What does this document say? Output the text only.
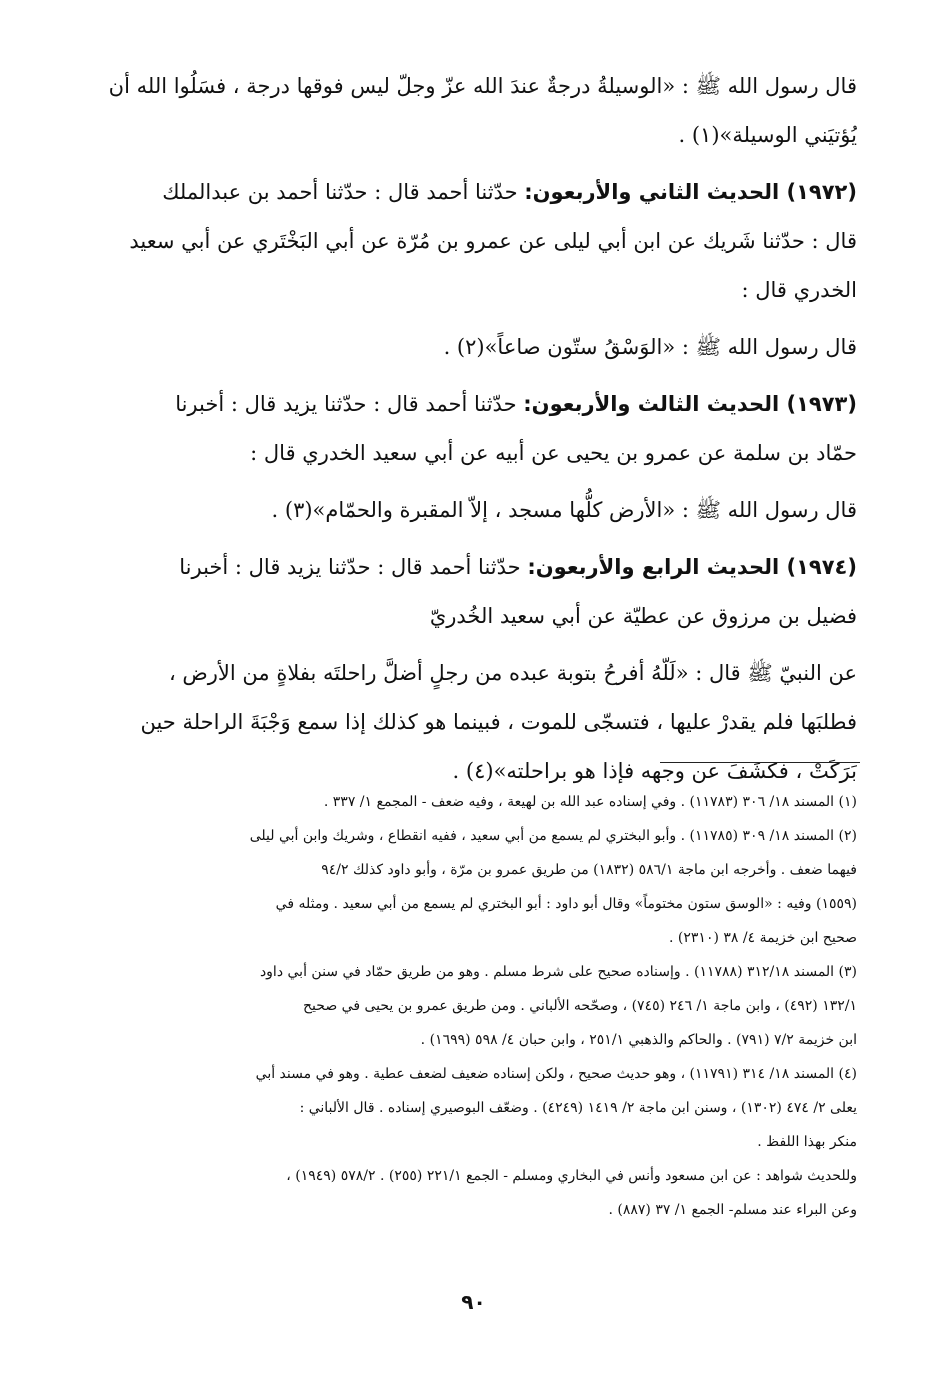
قال رسول الله ﷺ : «الوسيلةُ درجةٌ عندَ الله عزّ وجلّ ليس فوقها درجة ، فسَلُوا الله أن
يُؤتيَني الوسيلة»(١) .
(١٩٧٢) الحديث الثاني والأربعون: حدّثنا أحمد قال : حدّثنا أحمد بن عبدالملك
قال : حدّثنا شَريك عن ابن أبي ليلى عن عمرو بن مُرّة عن أبي البَخْتَري عن أبي سعيد
الخدري قال :
قال رسول الله ﷺ : «الوَسْقُ ستّون صاعاً»(٢) .
(١٩٧٣) الحديث الثالث والأربعون: حدّثنا أحمد قال : حدّثنا يزيد قال : أخبرنا
حمّاد بن سلمة عن عمرو بن يحيى عن أبيه عن أبي سعيد الخدري قال :
قال رسول الله ﷺ : «الأرض كلُّها مسجد ، إلاّ المقبرة والحمّام»(٣) .
(١٩٧٤) الحديث الرابع والأربعون: حدّثنا أحمد قال : حدّثنا يزيد قال : أخبرنا
فضيل بن مرزوق عن عطيّة عن أبي سعيد الخُدريّ
عن النبيّ ﷺ قال : «لَلّهُ أفرحُ بتوبة عبده من رجلٍ أضلَّ راحلتَه بفلاةٍ من الأرض ،
فطلبَها فلم يقدرْ عليها ، فتسجّى للموت ، فبينما هو كذلك إذا سمع وَجْبَةَ الراحلة حين
بَرَكَتْ ، فكشَفَ عن وجهه فإذا هو براحلته»(٤) .
(١) المسند ١٨/ ٣٠٦ (١١٧٨٣) . وفي إسناده عبد الله بن لهيعة ، وفيه ضعف - المجمع ١/ ٣٣٧ .
(٢) المسند ١٨/ ٣٠٩ (١١٧٨٥) . وأبو البختري لم يسمع من أبي سعيد ، ففيه انقطاع ، وشريك وابن أبي ليلى
فيهما ضعف . وأخرجه ابن ماجة ٥٨٦/١ (١٨٣٢) من طريق عمرو بن مرّة ، وأبو داود كذلك ٩٤/٢
(١٥٥٩) وفيه : «الوسق ستون مختوماً» وقال أبو داود : أبو البختري لم يسمع من أبي سعيد . ومثله في
صحيح ابن خزيمة ٤/ ٣٨ (٢٣١٠) .
(٣) المسند ٣١٢/١٨ (١١٧٨٨) . وإسناده صحيح على شرط مسلم . وهو من طريق حمّاد في سنن أبي داود
١٣٢/١ (٤٩٢) ، وابن ماجة ١/ ٢٤٦ (٧٤٥) ، وصحّحه الألباني . ومن طريق عمرو بن يحيى في صحيح
ابن خزيمة ٧/٢ (٧٩١) . والحاكم والذهبي ٢٥١/١ ، وابن حبان ٤/ ٥٩٨ (١٦٩٩) .
(٤) المسند ١٨/ ٣١٤ (١١٧٩١) ، وهو حديث صحيح ، ولكن إسناده ضعيف لضعف عطية . وهو في مسند أبي
يعلى ٢/ ٤٧٤ (١٣٠٢) ، وسنن ابن ماجة ٢/ ١٤١٩ (٤٢٤٩) . وضعّف البوصيري إسناده . قال الألباني :
منكر بهذا اللفظ .
وللحديث شواهد : عن ابن مسعود وأنس في البخاري ومسلم - الجمع ٢٢١/١ (٢٥٥) . ٥٧٨/٢ (١٩٤٩) ،
وعن البراء عند مسلم- الجمع ١/ ٣٧ (٨٨٧) .
٩٠
